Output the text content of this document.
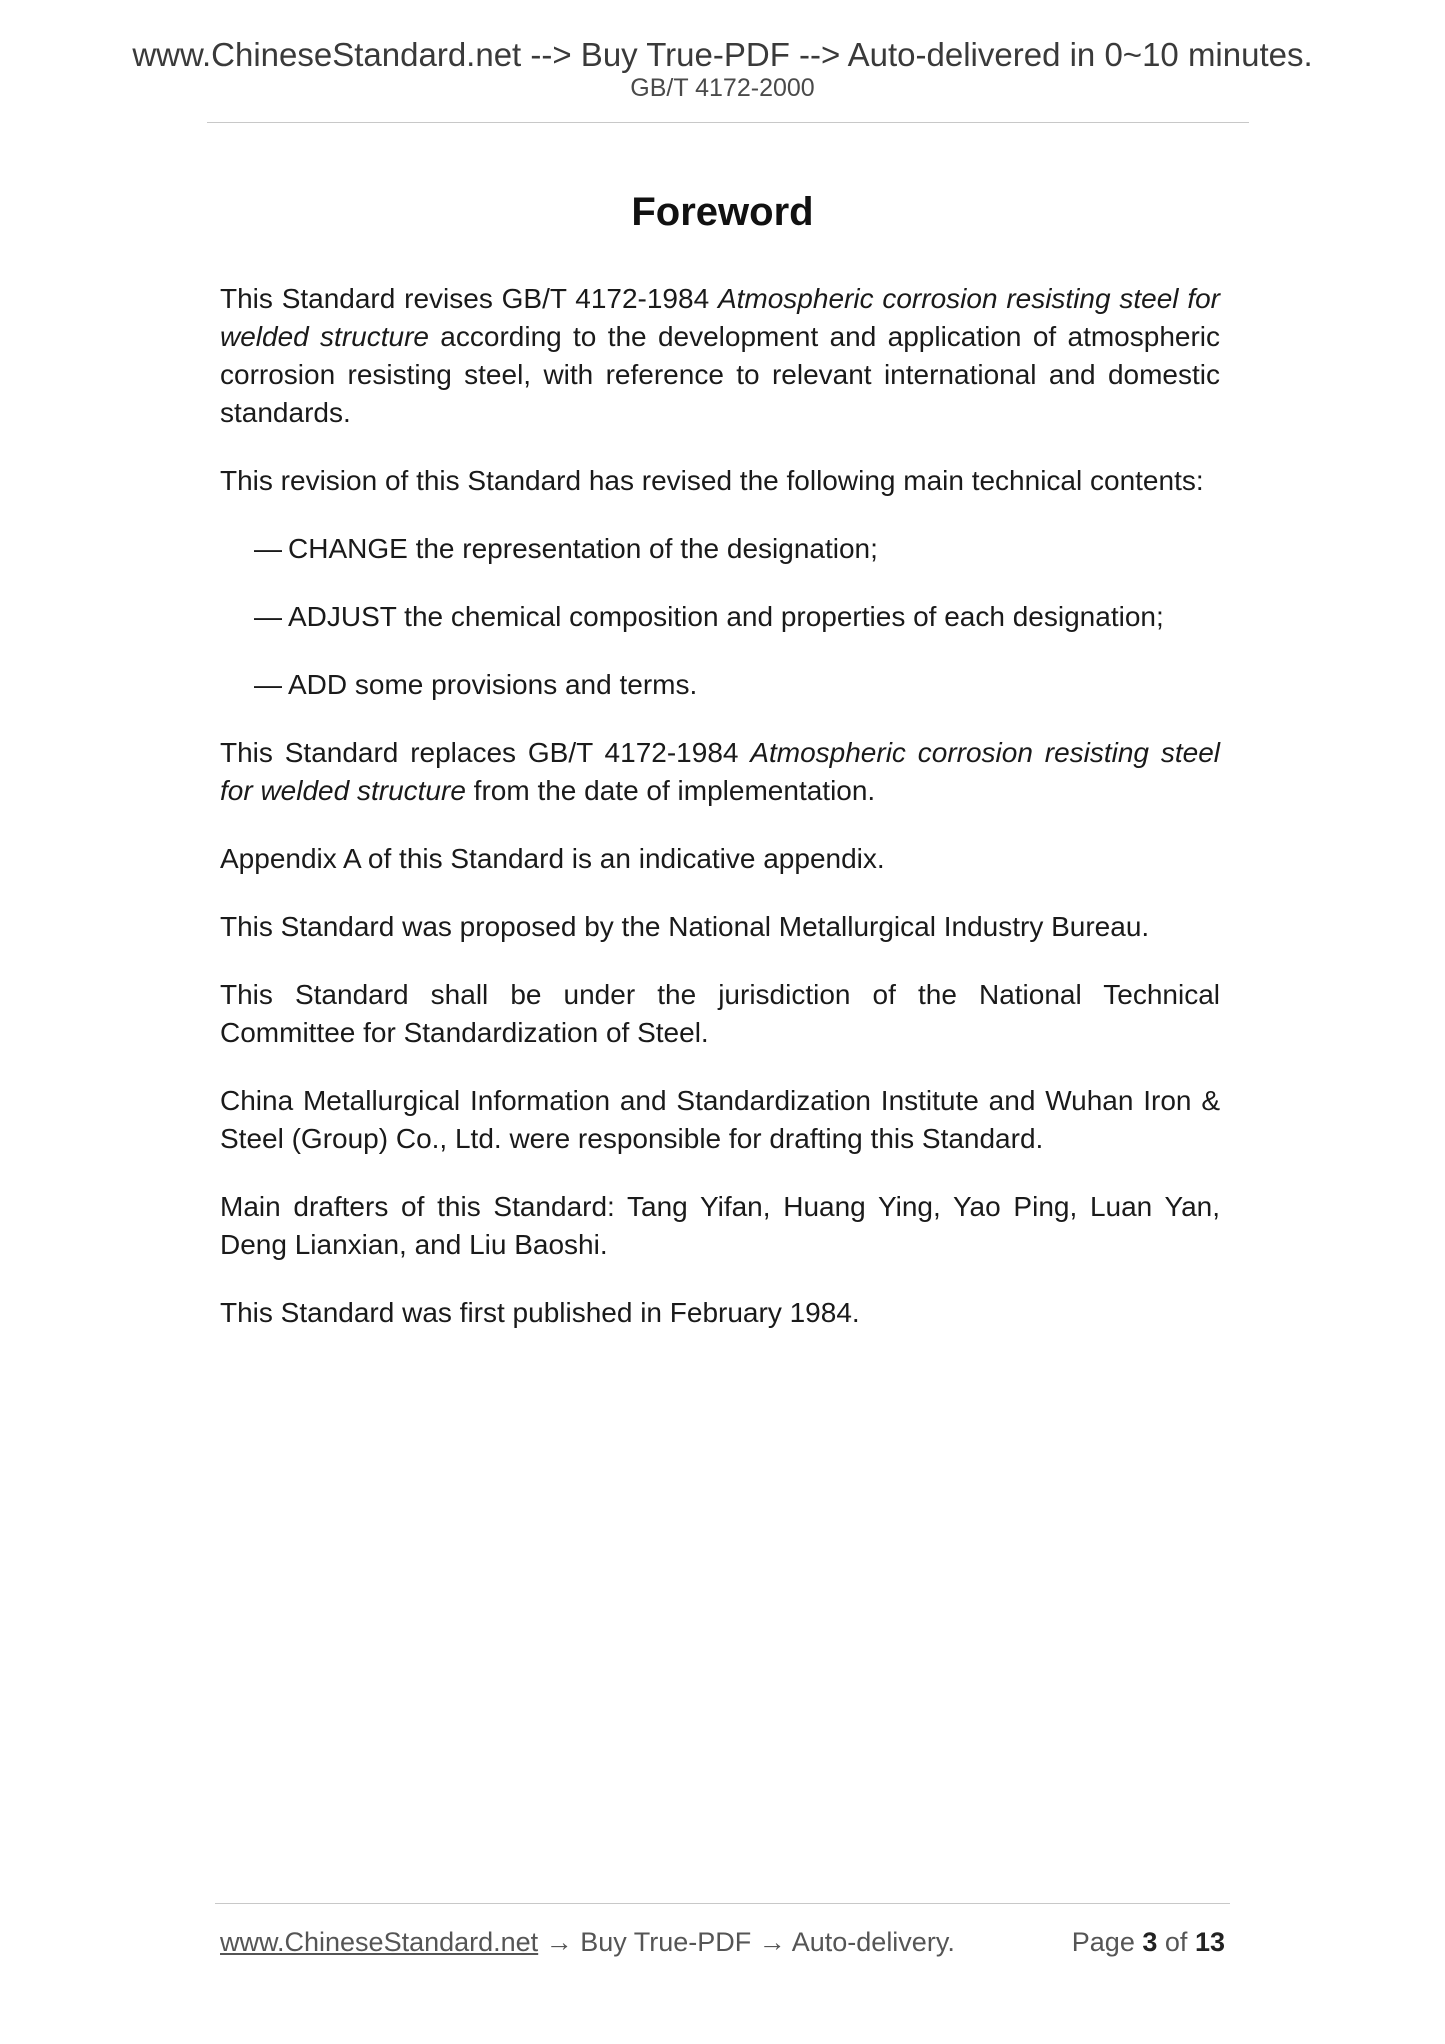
www.ChineseStandard.net --> Buy True-PDF --> Auto-delivered in 0~10 minutes.
GB/T 4172-2000
Foreword

This Standard revises GB/T 4172-1984 Atmospheric corrosion resisting steel for welded structure according to the development and application of atmospheric corrosion resisting steel, with reference to relevant international and domestic standards.

This revision of this Standard has revised the following main technical contents:

— CHANGE the representation of the designation;
— ADJUST the chemical composition and properties of each designation;
— ADD some provisions and terms.

This Standard replaces GB/T 4172-1984 Atmospheric corrosion resisting steel for welded structure from the date of implementation.

Appendix A of this Standard is an indicative appendix.

This Standard was proposed by the National Metallurgical Industry Bureau.

This Standard shall be under the jurisdiction of the National Technical Committee for Standardization of Steel.

China Metallurgical Information and Standardization Institute and Wuhan Iron & Steel (Group) Co., Ltd. were responsible for drafting this Standard.

Main drafters of this Standard: Tang Yifan, Huang Ying, Yao Ping, Luan Yan, Deng Lianxian, and Liu Baoshi.

This Standard was first published in February 1984.

www.ChineseStandard.net → Buy True-PDF → Auto-delivery.	Page 3 of 13
